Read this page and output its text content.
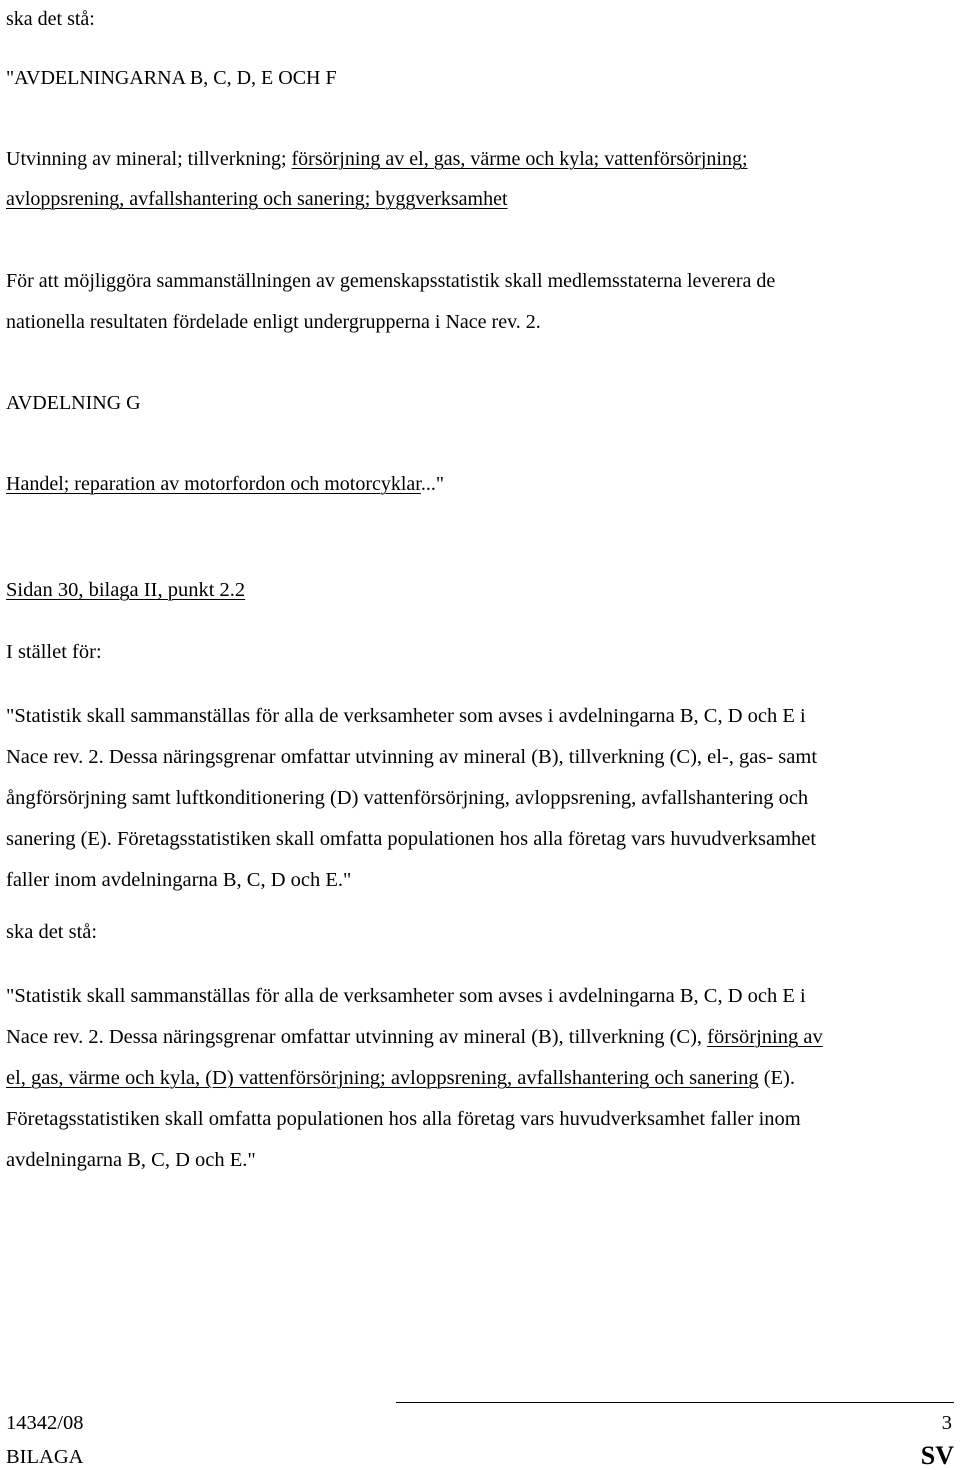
ska det stå:

"AVDELNINGARNA B, C, D, E OCH F

Utvinning av mineral; tillverkning; försörjning av el, gas, värme och kyla; vattenförsörjning;

avloppsrening, avfallshantering och sanering; byggverksamhet

För att möjliggöra sammanställningen av gemenskapsstatistik skall medlemsstaterna leverera de

nationella resultaten fördelade enligt undergrupperna i Nace rev. 2.

AVDELNING G

Handel; reparation av motorfordon och motorcyklar..."

Sidan 30, bilaga II, punkt 2.2

I stället för:

"Statistik skall sammanställas för alla de verksamheter som avses i avdelningarna B, C, D och E i

Nace rev. 2. Dessa näringsgrenar omfattar utvinning av mineral (B), tillverkning (C), el-, gas- samt

ångförsörjning samt luftkonditionering (D) vattenförsörjning, avloppsrening, avfallshantering och

sanering (E). Företagsstatistiken skall omfatta populationen hos alla företag vars huvudverksamhet

faller inom avdelningarna B, C, D och E."

ska det stå:

"Statistik skall sammanställas för alla de verksamheter som avses i avdelningarna B, C, D och E i

Nace rev. 2. Dessa näringsgrenar omfattar utvinning av mineral (B), tillverkning (C), försörjning av

el, gas, värme och kyla, (D) vattenförsörjning; avloppsrening, avfallshantering och sanering (E).

Företagsstatistiken skall omfatta populationen hos alla företag vars huvudverksamhet faller inom

avdelningarna B, C, D och E."

14342/08	3

BILAGA	SV
